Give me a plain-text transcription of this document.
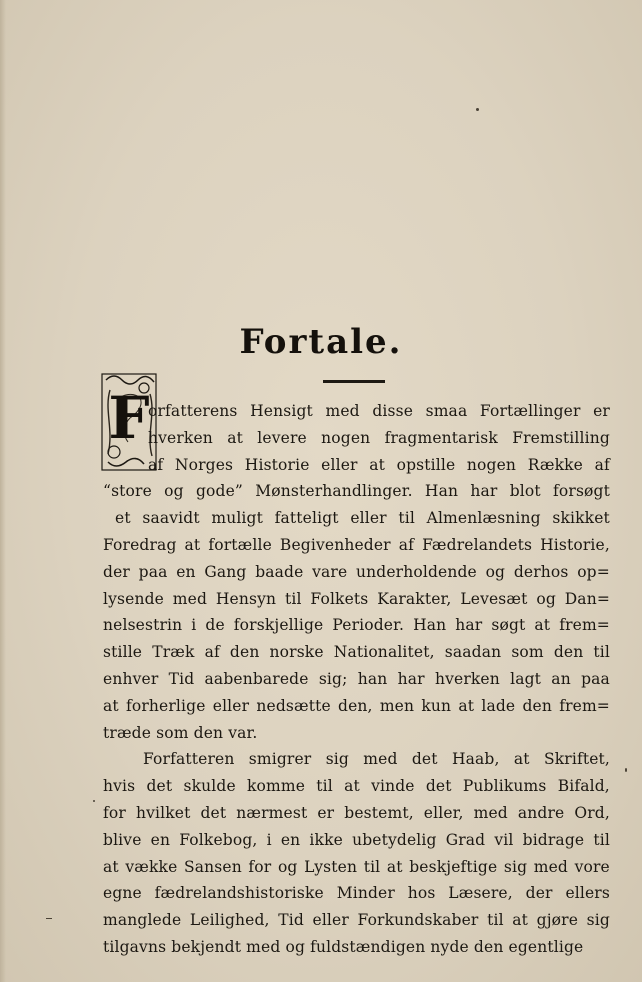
Fortale.
F
orfatterens Hensigt med disse smaa Fortællinger er
hverken at levere nogen fragmentarisk Fremstilling
af Norges Historie eller at opstille nogen Række af
“store og gode” Mønsterhandlinger. Han har blot forsøgt
et saavidt muligt fatteligt eller til Almenlæsning skikket
Foredrag at fortælle Begivenheder af Fædrelandets Historie,
der paa en Gang baade vare underholdende og derhos op=
lysende med Hensyn til Folkets Karakter, Levesæt og Dan=
nelsestrin i de forskjellige Perioder. Han har søgt at frem=
stille Træk af den norske Nationalitet, saadan som den til
enhver Tid aabenbarede sig; han har hverken lagt an paa
at forherlige eller nedsætte den, men kun at lade den frem=
træde som den var.
Forfatteren smigrer sig med det Haab, at Skriftet,
hvis det skulde komme til at vinde det Publikums Bifald,
for hvilket det nærmest er bestemt, eller, med andre Ord,
blive en Folkebog, i en ikke ubetydelig Grad vil bidrage til
at vække Sansen for og Lysten til at beskjeftige sig med vore
egne fædrelandshistoriske Minder hos Læsere, der ellers
manglede Leilighed, Tid eller Forkundskaber til at gjøre sig
tilgavns bekjendt med og fuldstændigen nyde den egentlige
